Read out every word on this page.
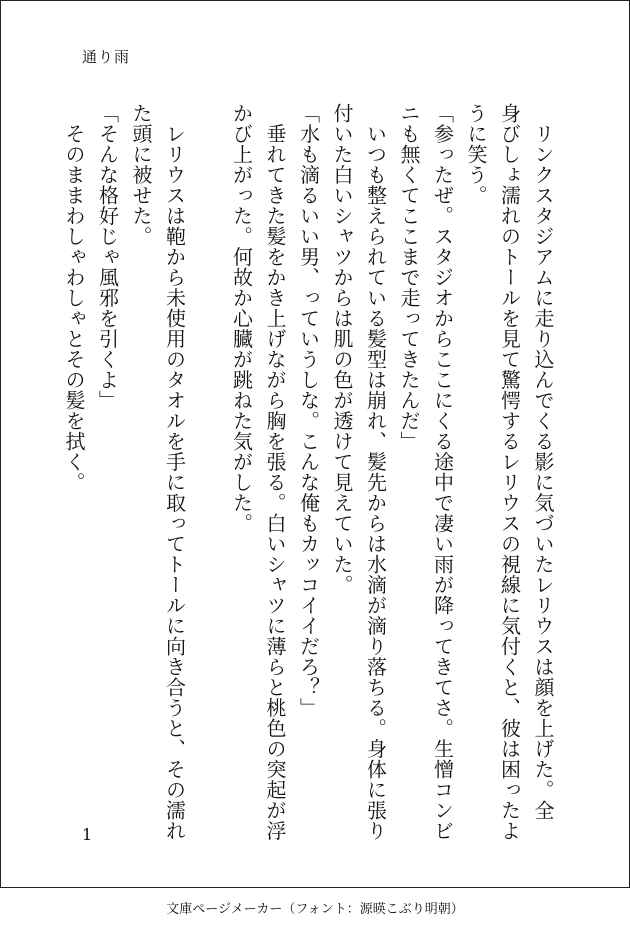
通り雨
　リンクスタジアムに走り込んでくる影に気づいたレリウスは顔を上げた。全
身びしょ濡れのトールを見て驚愕するレリウスの視線に気付くと、彼は困ったよ
うに笑う。
「参ったぜ。スタジオからここにくる途中で凄い雨が降ってきてさ。生憎コンビ
ニも無くてここまで走ってきたんだ」
　いつも整えられている髪型は崩れ、髪先からは水滴が滴り落ちる。身体に張り
付いた白いシャツからは肌の色が透けて見えていた。
「水も滴るいい男、っていうしな。こんな俺もカッコイイだろ？」
　垂れてきた髪をかき上げながら胸を張る。白いシャツに薄らと桃色の突起が浮
かび上がった。何故か心臓が跳ねた気がした。

　レリウスは鞄から未使用のタオルを手に取ってトールに向き合うと、その濡れ
た頭に被せた。
「そんな格好じゃ風邪を引くよ」
　そのままわしゃわしゃとその髪を拭く。
1
文庫ページメーカー（フォント：源暎こぶり明朝）
